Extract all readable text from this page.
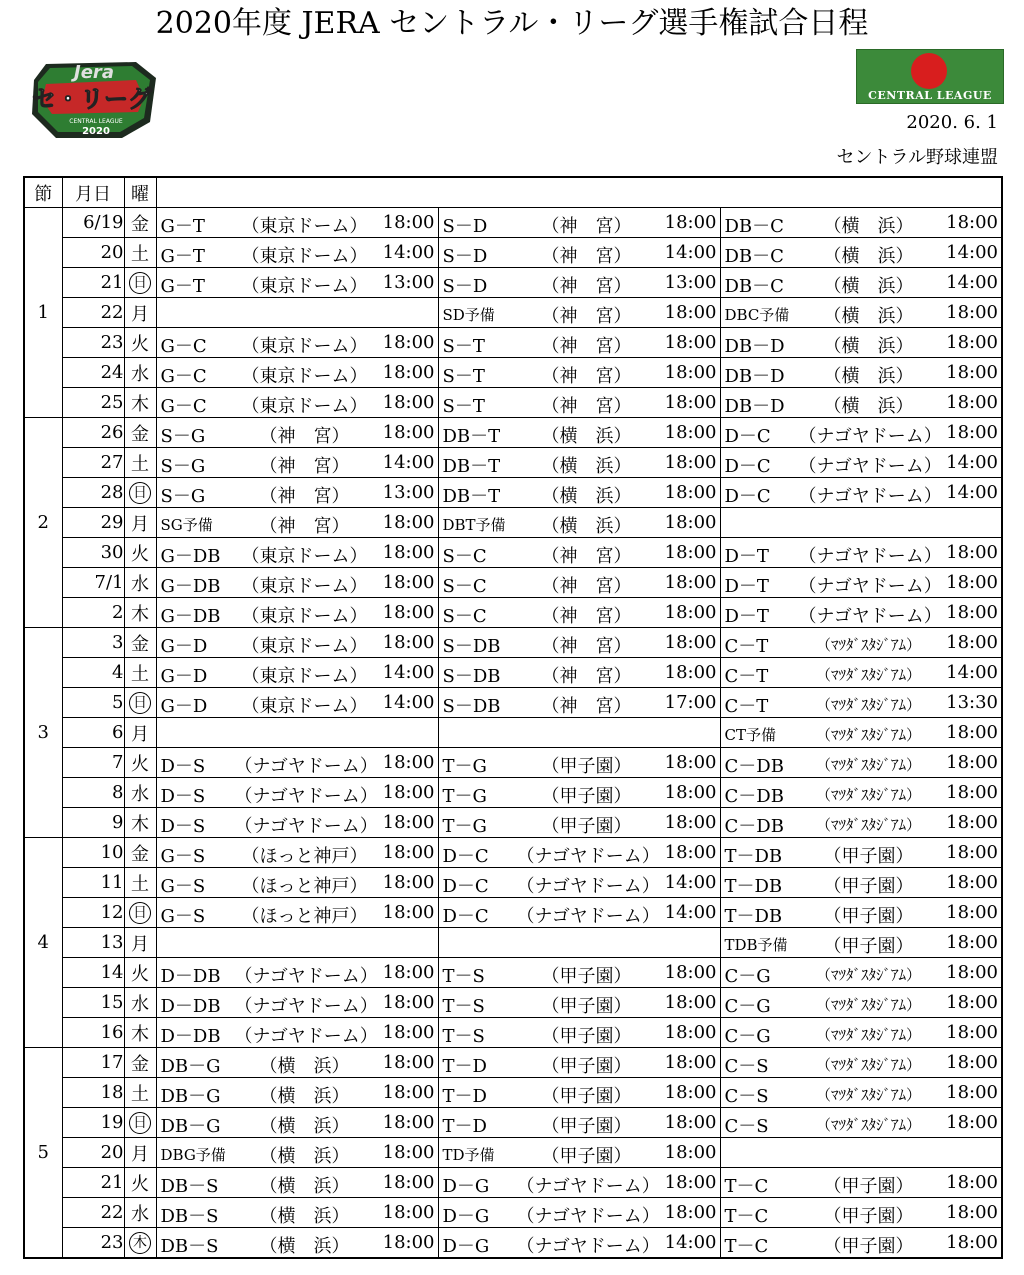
2020年度 JERA セントラル・リーグ選手権試合日程
Jera
セ・リーグ
CENTRAL LEAGUE
2020
CENTRAL LEAGUE
2020. 6. 1
セントラル野球連盟
節	月日	曜			
1	6/19	金	G－T （東京ドーム） 18:00	S－D （神　宮） 18:00	DB－C （横　浜） 18:00

	20	土	G－T （東京ドーム） 14:00	S－D （神　宮） 14:00	DB－C （横　浜） 14:00

	21	日	G－T （東京ドーム） 13:00	S－D （神　宮） 13:00	DB－C （横　浜） 14:00

	22	月		SD予備 （神　宮） 18:00	DBC予備 （横　浜） 18:00

	23	火	G－C （東京ドーム） 18:00	S－T （神　宮） 18:00	DB－D （横　浜） 18:00

	24	水	G－C （東京ドーム） 18:00	S－T （神　宮） 18:00	DB－D （横　浜） 18:00

	25	木	G－C （東京ドーム） 18:00	S－T （神　宮） 18:00	DB－D （横　浜） 18:00

2	26	金	S－G （神　宮） 18:00	DB－T （横　浜） 18:00	D－C （ナゴヤドーム） 18:00

	27	土	S－G （神　宮） 14:00	DB－T （横　浜） 18:00	D－C （ナゴヤドーム） 14:00

	28	日	S－G （神　宮） 13:00	DB－T （横　浜） 18:00	D－C （ナゴヤドーム） 14:00

	29	月	SG予備 （神　宮） 18:00	DBT予備 （横　浜） 18:00	

	30	火	G－DB （東京ドーム） 18:00	S－C （神　宮） 18:00	D－T （ナゴヤドーム） 18:00

	7/1	水	G－DB （東京ドーム） 18:00	S－C （神　宮） 18:00	D－T （ナゴヤドーム） 18:00

	2	木	G－DB （東京ドーム） 18:00	S－C （神　宮） 18:00	D－T （ナゴヤドーム） 18:00

3	3	金	G－D （東京ドーム） 18:00	S－DB （神　宮） 18:00	C－T （ﾏﾂﾀﾞｽﾀｼﾞｱﾑ） 18:00

	4	土	G－D （東京ドーム） 14:00	S－DB （神　宮） 18:00	C－T （ﾏﾂﾀﾞｽﾀｼﾞｱﾑ） 14:00

	5	日	G－D （東京ドーム） 14:00	S－DB （神　宮） 17:00	C－T （ﾏﾂﾀﾞｽﾀｼﾞｱﾑ） 13:30

	6	月			CT予備 （ﾏﾂﾀﾞｽﾀｼﾞｱﾑ） 18:00

	7	火	D－S （ナゴヤドーム） 18:00	T－G （甲子園） 18:00	C－DB （ﾏﾂﾀﾞｽﾀｼﾞｱﾑ） 18:00

	8	水	D－S （ナゴヤドーム） 18:00	T－G （甲子園） 18:00	C－DB （ﾏﾂﾀﾞｽﾀｼﾞｱﾑ） 18:00

	9	木	D－S （ナゴヤドーム） 18:00	T－G （甲子園） 18:00	C－DB （ﾏﾂﾀﾞｽﾀｼﾞｱﾑ） 18:00

4	10	金	G－S （ほっと神戸） 18:00	D－C （ナゴヤドーム） 18:00	T－DB （甲子園） 18:00

	11	土	G－S （ほっと神戸） 18:00	D－C （ナゴヤドーム） 14:00	T－DB （甲子園） 18:00

	12	日	G－S （ほっと神戸） 18:00	D－C （ナゴヤドーム） 14:00	T－DB （甲子園） 18:00

	13	月			TDB予備 （甲子園） 18:00

	14	火	D－DB （ナゴヤドーム） 18:00	T－S （甲子園） 18:00	C－G （ﾏﾂﾀﾞｽﾀｼﾞｱﾑ） 18:00

	15	水	D－DB （ナゴヤドーム） 18:00	T－S （甲子園） 18:00	C－G （ﾏﾂﾀﾞｽﾀｼﾞｱﾑ） 18:00

	16	木	D－DB （ナゴヤドーム） 18:00	T－S （甲子園） 18:00	C－G （ﾏﾂﾀﾞｽﾀｼﾞｱﾑ） 18:00

5	17	金	DB－G （横　浜） 18:00	T－D （甲子園） 18:00	C－S （ﾏﾂﾀﾞｽﾀｼﾞｱﾑ） 18:00

	18	土	DB－G （横　浜） 18:00	T－D （甲子園） 18:00	C－S （ﾏﾂﾀﾞｽﾀｼﾞｱﾑ） 18:00

	19	日	DB－G （横　浜） 18:00	T－D （甲子園） 18:00	C－S （ﾏﾂﾀﾞｽﾀｼﾞｱﾑ） 18:00

	20	月	DBG予備 （横　浜） 18:00	TD予備 （甲子園） 18:00	

	21	火	DB－S （横　浜） 18:00	D－G （ナゴヤドーム） 18:00	T－C （甲子園） 18:00

	22	水	DB－S （横　浜） 18:00	D－G （ナゴヤドーム） 18:00	T－C （甲子園） 18:00

	23	木	DB－S （横　浜） 18:00	D－G （ナゴヤドーム） 14:00	T－C （甲子園） 18:00
